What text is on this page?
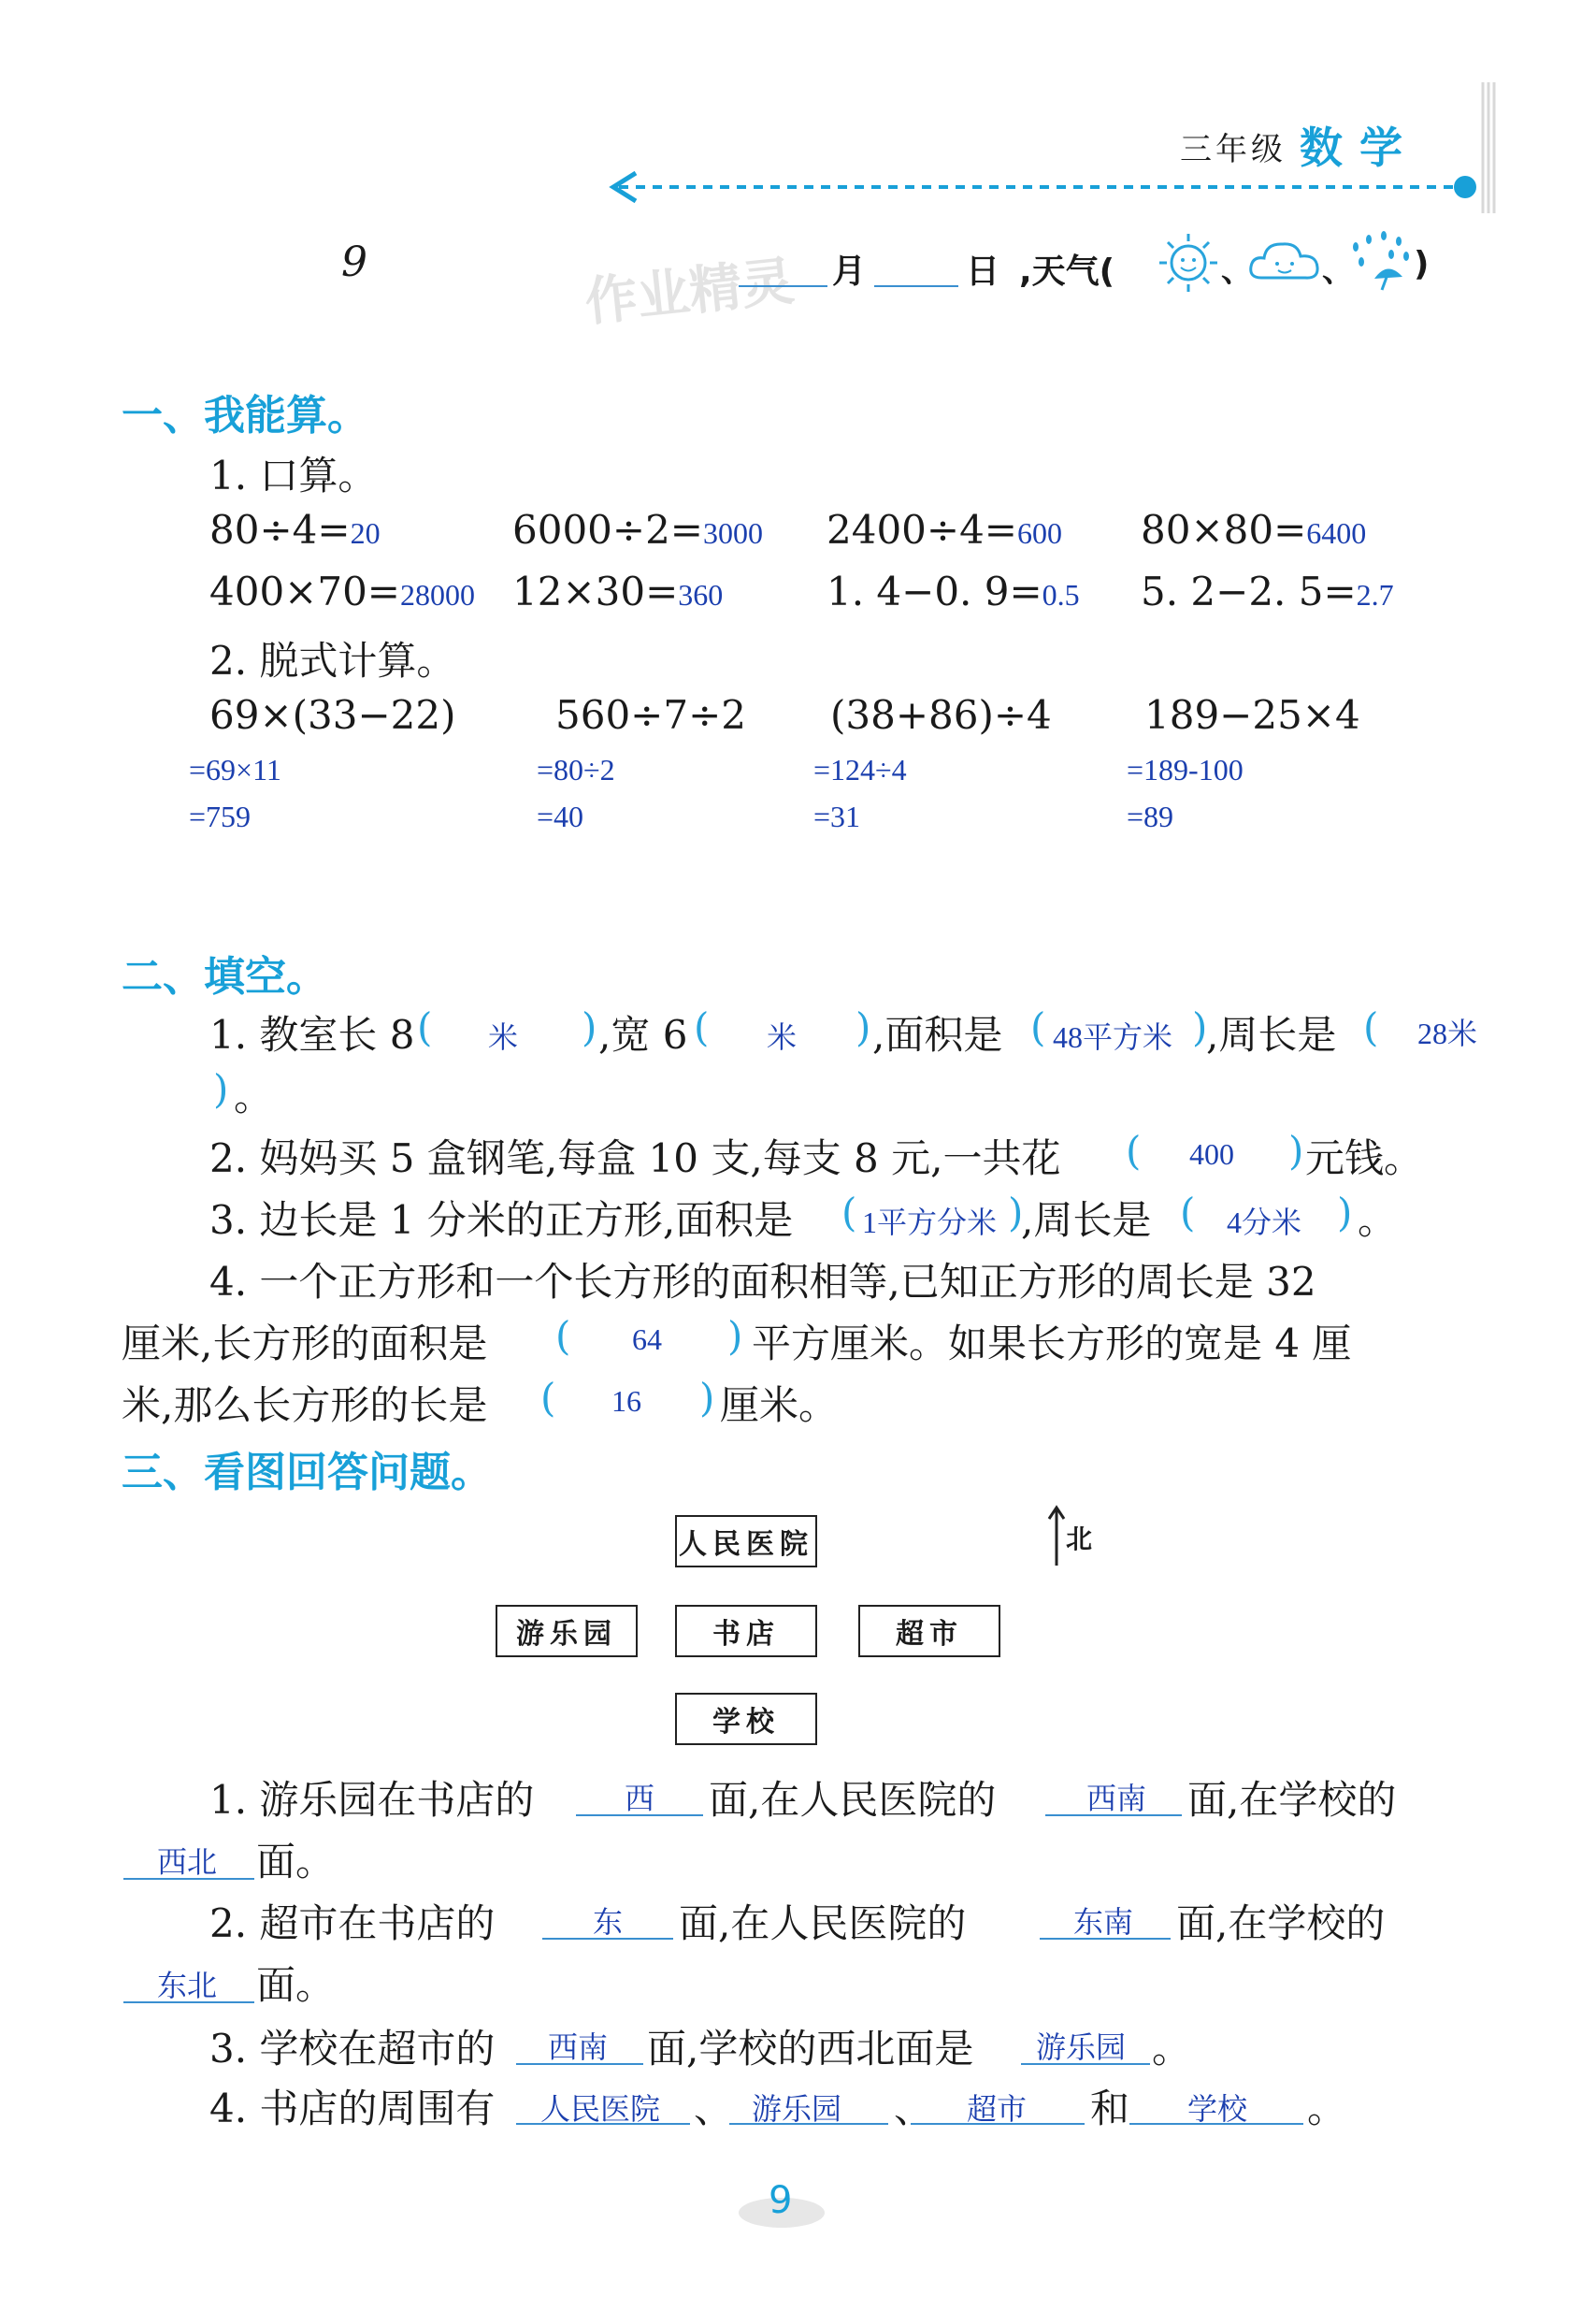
三年级 数学
9	作业精灵 月	日 ,天气(	、 、 )
一、我能算。
1. 口算。
80÷4=20	6000÷2=3000 2400÷4=600 80×80=6400
400×70=28000 12×30=360	1. 4−0. 9=0.5 5. 2−2. 5=2.7
2. 脱式计算。
69×(33−22)
=69×11
=759
560÷7÷2
=80÷2
=40
(38+86)÷4
=124÷4
=31
189−25×4
=189-100
=89
二、填空。
1. 教室长 8 ( 米 ) ,宽 6 ( 米 ) ,面积是 ( 48平方米 )
,周长是 ( 28米
) 。
2. 妈妈买 5 盒钢笔,每盒 10 支,每支 8 元,一共花 ( 400 ) 元钱。
3. 边长是 1 分米的正方形,面积是 ( 1平方分米 )
,周长是 ( 4分米 ) 。
4. 一个正方形和一个长方形的面积相等,已知正方形的周长是 32
厘米,长方形的面积是 ( 64 ) 平方厘米。如果长方形的宽是 4 厘
米,那么长方形的长是 ( 16 ) 厘米。
三、看图回答问题。
人民医院
游乐园	书店	超市
学校
北
1. 游乐园在书店的	西 面,在人民医院的	西南 面,在学校的
西北 面。
2. 超市在书店的	东 面,在人民医院的	东南 面,在学校的
东北 面。
3. 学校在超市的 西南 面,学校的西北面是 游乐园 。
4. 书店的周围有 人民医院 、 游乐园 、 超市 和 学校 。
9
